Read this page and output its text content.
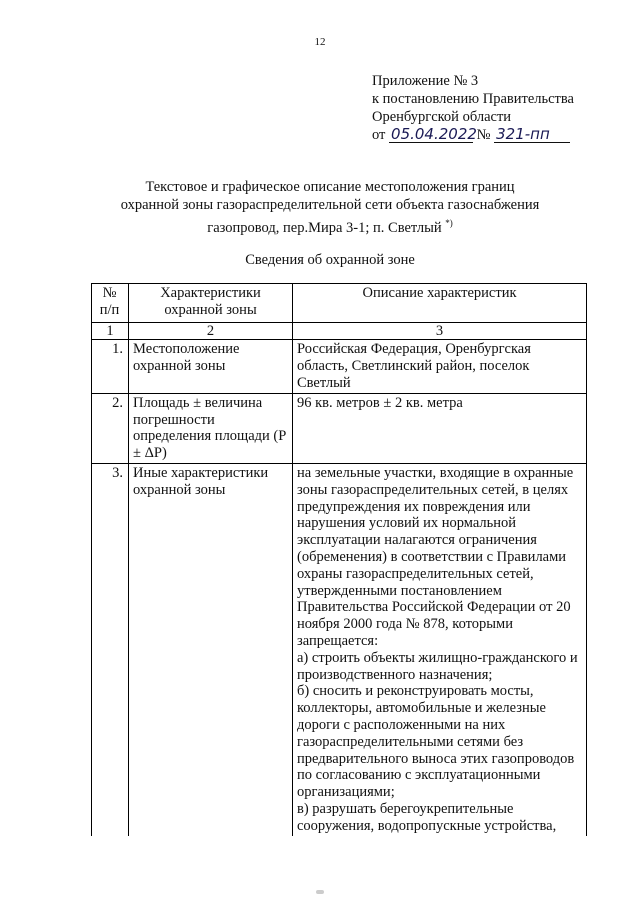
12
Приложение № 3
к постановлению Правительства
Оренбургской области
от 05.04.2022 № 321-пп
Текстовое и графическое описание местоположения границ
охранной зоны газораспределительной сети объекта газоснабжения
газопровод, пер.Мира 3-1; п. Светлый *)
Сведения об охранной зоне
№ п/п	Характеристики охранной зоны	Описание характеристик
1	2	3
1.	Местоположение охранной зоны	Российская Федерация, Оренбургская область, Светлинский район, поселок Светлый
2.	Площадь ± величина погрешности определения площади (P ± ΔP)	96 кв. метров ± 2 кв. метра
3.	Иные характеристики охранной зоны	на земельные участки, входящие в охранные зоны газораспределительных сетей, в целях предупреждения их повреждения или нарушения условий их нормальной эксплуатации налагаются ограничения (обременения) в соответствии с Правилами охраны газораспределительных сетей, утвержденными постановлением Правительства Российской Федерации от 20 ноября 2000 года № 878, которыми запрещается:
а) строить объекты жилищно-гражданского и производственного назначения;
б) сносить и реконструировать мосты, коллекторы, автомобильные и железные дороги с расположенными на них газораспределительными сетями без предварительного выноса этих газопроводов по согласованию с эксплуатационными организациями;
в) разрушать берегоукрепительные сооружения, водопропускные устройства,
